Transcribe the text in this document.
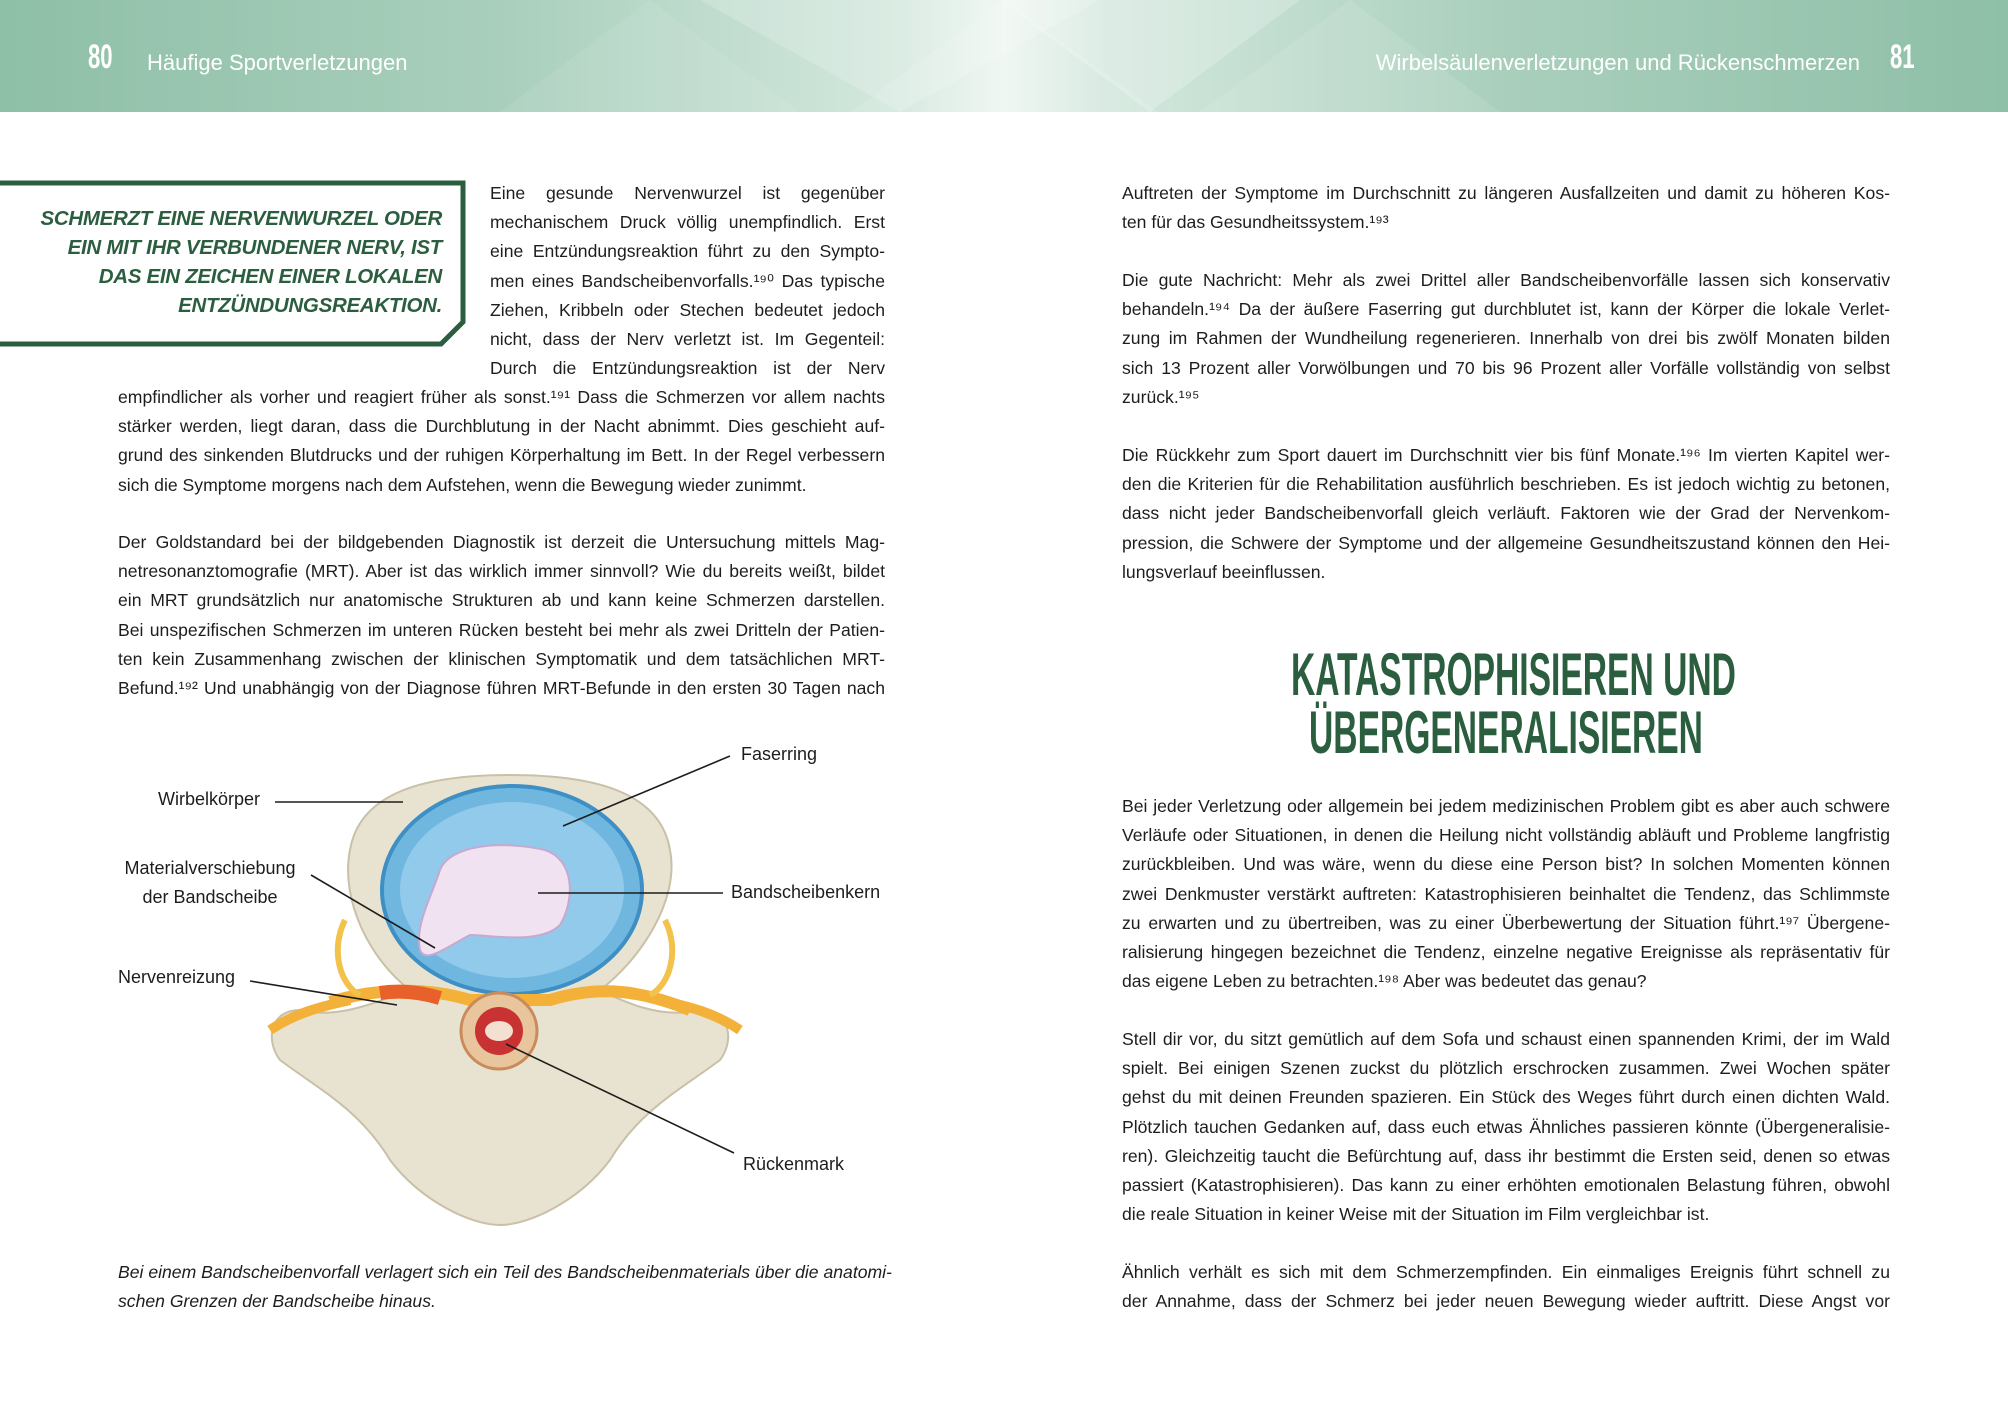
80 Häufige Sportverletzungen	Wirbelsäulenverletzungen und Rückenschmerzen 81
SCHMERZT EINE NERVENWURZEL ODER
EIN MIT IHR VERBUNDENER NERV, IST
DAS EIN ZEICHEN EINER LOKALEN
ENTZÜNDUNGSREAKTION.
Eine gesunde Nervenwurzel ist gegenüber
mechanischem Druck völlig unempfindlich. Erst
eine Entzündungsreaktion führt zu den Sympto-
men eines Bandscheibenvorfalls.¹⁹⁰ Das typische
Ziehen, Kribbeln oder Stechen bedeutet jedoch
nicht, dass der Nerv verletzt ist. Im Gegenteil:
Durch die Entzündungsreaktion ist der Nerv
empfindlicher als vorher und reagiert früher als sonst.¹⁹¹ Dass die Schmerzen vor allem nachts
stärker werden, liegt daran, dass die Durchblutung in der Nacht abnimmt. Dies geschieht auf-
grund des sinkenden Blutdrucks und der ruhigen Körperhaltung im Bett. In der Regel verbessern
sich die Symptome morgens nach dem Aufstehen, wenn die Bewegung wieder zunimmt.
Der Goldstandard bei der bildgebenden Diagnostik ist derzeit die Untersuchung mittels Mag-
netresonanztomografie (MRT). Aber ist das wirklich immer sinnvoll? Wie du bereits weißt, bildet
ein MRT grundsätzlich nur anatomische Strukturen ab und kann keine Schmerzen darstellen.
Bei unspezifischen Schmerzen im unteren Rücken besteht bei mehr als zwei Dritteln der Patien-
ten kein Zusammenhang zwischen der klinischen Symptomatik und dem tatsächlichen MRT-
Befund.¹⁹² Und unabhängig von der Diagnose führen MRT-Befunde in den ersten 30 Tagen nach
Faserring
Wirbelkörper
Materialverschiebung
der Bandscheibe	Bandscheibenkern
Nervenreizung
Rückenmark
Bei einem Bandscheibenvorfall verlagert sich ein Teil des Bandscheibenmaterials über die anatomi-
schen Grenzen der Bandscheibe hinaus.
Auftreten der Symptome im Durchschnitt zu längeren Ausfallzeiten und damit zu höheren Kos-
ten für das Gesundheitssystem.¹⁹³
Die gute Nachricht: Mehr als zwei Drittel aller Bandscheibenvorfälle lassen sich konservativ
behandeln.¹⁹⁴ Da der äußere Faserring gut durchblutet ist, kann der Körper die lokale Verlet-
zung im Rahmen der Wundheilung regenerieren. Innerhalb von drei bis zwölf Monaten bilden
sich 13 Prozent aller Vorwölbungen und 70 bis 96 Prozent aller Vorfälle vollständig von selbst
zurück.¹⁹⁵
Die Rückkehr zum Sport dauert im Durchschnitt vier bis fünf Monate.¹⁹⁶ Im vierten Kapitel wer-
den die Kriterien für die Rehabilitation ausführlich beschrieben. Es ist jedoch wichtig zu betonen,
dass nicht jeder Bandscheibenvorfall gleich verläuft. Faktoren wie der Grad der Nervenkom-
pression, die Schwere der Symptome und der allgemeine Gesundheitszustand können den Hei-
lungsverlauf beeinflussen.
KATASTROPHISIEREN UND
ÜBERGENERALISIEREN
Bei jeder Verletzung oder allgemein bei jedem medizinischen Problem gibt es aber auch schwere
Verläufe oder Situationen, in denen die Heilung nicht vollständig abläuft und Probleme langfristig
zurückbleiben. Und was wäre, wenn du diese eine Person bist? In solchen Momenten können
zwei Denkmuster verstärkt auftreten: Katastrophisieren beinhaltet die Tendenz, das Schlimmste
zu erwarten und zu übertreiben, was zu einer Überbewertung der Situation führt.¹⁹⁷ Übergene-
ralisierung hingegen bezeichnet die Tendenz, einzelne negative Ereignisse als repräsentativ für
das eigene Leben zu betrachten.¹⁹⁸ Aber was bedeutet das genau?
Stell dir vor, du sitzt gemütlich auf dem Sofa und schaust einen spannenden Krimi, der im Wald
spielt. Bei einigen Szenen zuckst du plötzlich erschrocken zusammen. Zwei Wochen später
gehst du mit deinen Freunden spazieren. Ein Stück des Weges führt durch einen dichten Wald.
Plötzlich tauchen Gedanken auf, dass euch etwas Ähnliches passieren könnte (Übergeneralisie-
ren). Gleichzeitig taucht die Befürchtung auf, dass ihr bestimmt die Ersten seid, denen so etwas
passiert (Katastrophisieren). Das kann zu einer erhöhten emotionalen Belastung führen, obwohl
die reale Situation in keiner Weise mit der Situation im Film vergleichbar ist.
Ähnlich verhält es sich mit dem Schmerzempfinden. Ein einmaliges Ereignis führt schnell zu
der Annahme, dass der Schmerz bei jeder neuen Bewegung wieder auftritt. Diese Angst vor
